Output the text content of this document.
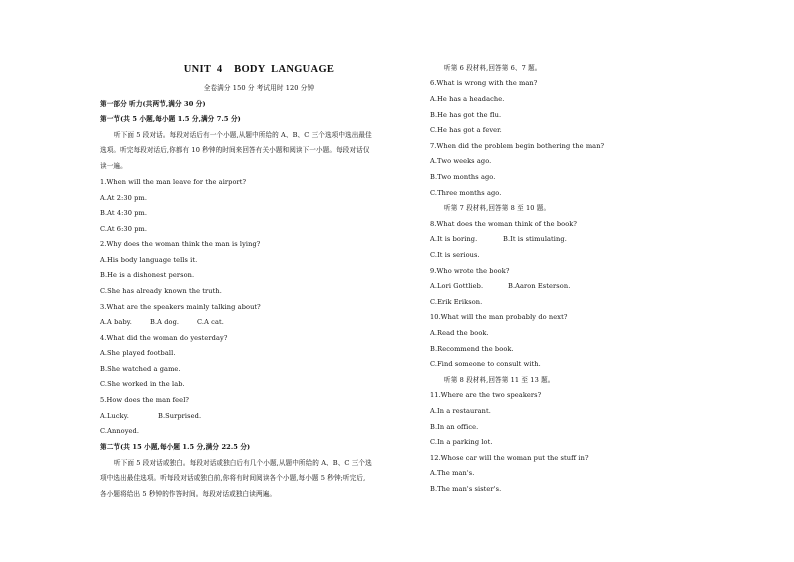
UNIT  4    BODY  LANGUAGE
全卷满分 150 分 考试用时 120 分钟
第一部分 听力(共两节,满分 30 分)
第一节(共 5 小题,每小题 1.5 分,满分 7.5 分)
听下面 5 段对话。每段对话后有一个小题,从题中所给的 A、B、C 三个选项中选出最佳
选项。听完每段对话后,你都有 10 秒钟的时间来回答有关小题和阅读下一小题。每段对话仅
读一遍。
1.When will the man leave for the airport?
A.At 2:30 pm.
B.At 4:30 pm.
C.At 6:30 pm.
2.Why does the woman think the man is lying?
A.His body language tells it.
B.He is a dishonest person.
C.She has already known the truth.
3.What are the speakers mainly talking about?
A.A baby.	B.A dog.	C.A cat.
4.What did the woman do yesterday?
A.She played football.
B.She watched a game.
C.She worked in the lab.
5.How does the man feel?
A.Lucky.	B.Surprised.
C.Annoyed.
第二节(共 15 小题,每小题 1.5 分,满分 22.5 分)
听下面 5 段对话或独白。每段对话或独白后有几个小题,从题中所给的 A、B、C 三个选
项中选出最佳选项。听每段对话或独白前,你将有时间阅读各个小题,每小题 5 秒钟;听完后,
各小题将给出 5 秒钟的作答时间。每段对话或独白读两遍。
听第 6 段材料,回答第 6、7 题。
6.What is wrong with the man?
A.He has a headache.
B.He has got the flu.
C.He has got a fever.
7.When did the problem begin bothering the man?
A.Two weeks ago.
B.Two months ago.
C.Three months ago.
听第 7 段材料,回答第 8 至 10 题。
8.What does the woman think of the book?
A.It is boring.	B.It is stimulating.
C.It is serious.
9.Who wrote the book?
A.Lori Gottlieb.	B.Aaron Esterson.
C.Erik Erikson.
10.What will the man probably do next?
A.Read the book.
B.Recommend the book.
C.Find someone to consult with.
听第 8 段材料,回答第 11 至 13 题。
11.Where are the two speakers?
A.In a restaurant.
B.In an office.
C.In a parking lot.
12.Whose car will the woman put the stuff in?
A.The man's.
B.The man's sister's.
